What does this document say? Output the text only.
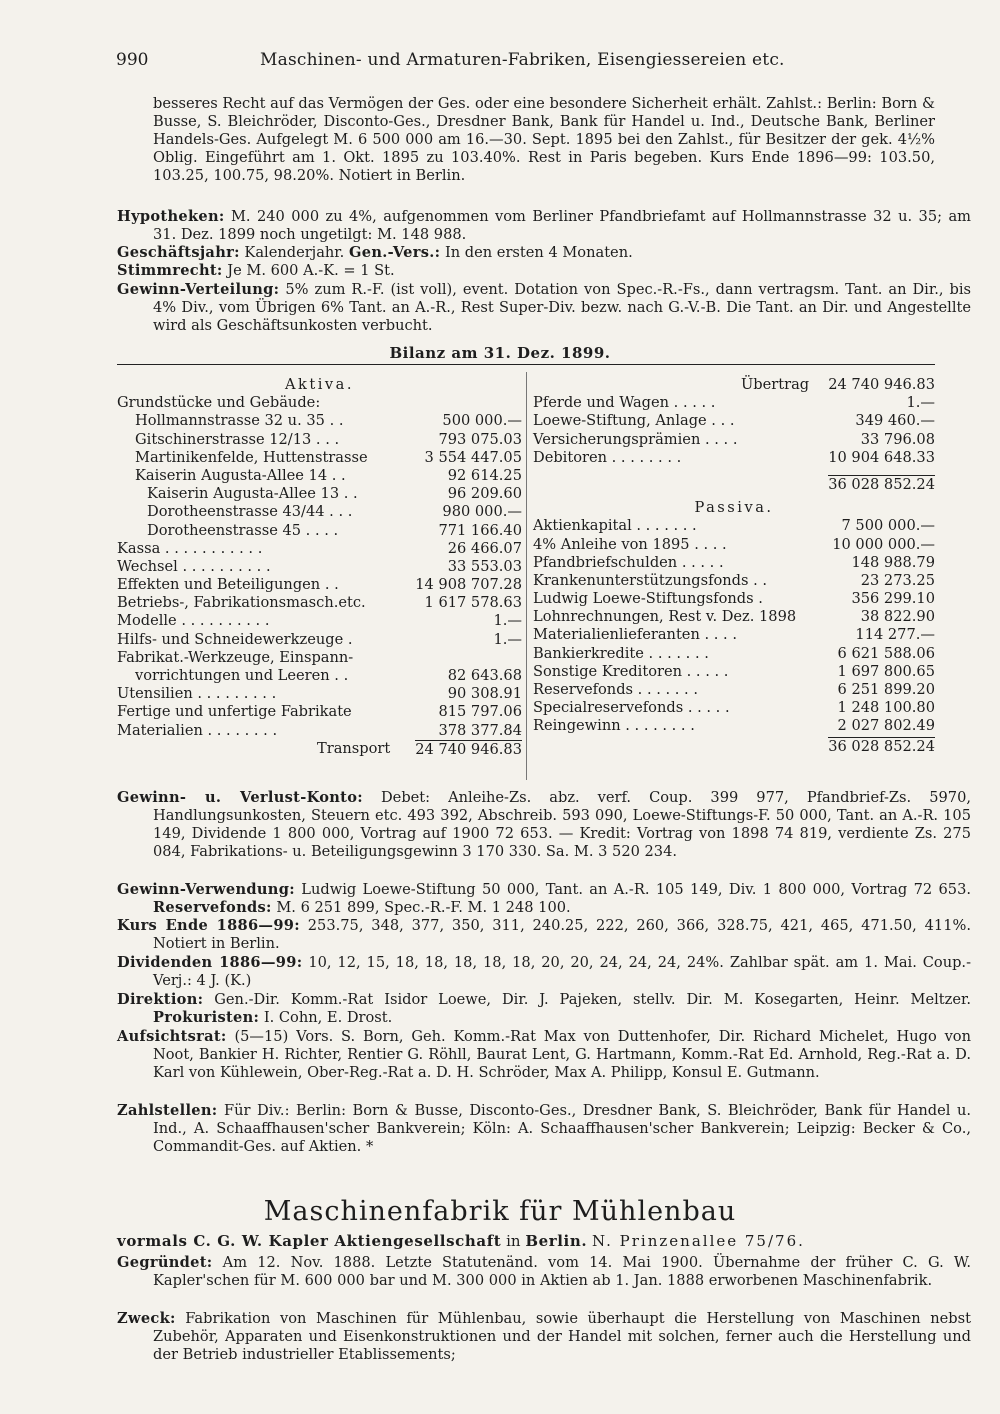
990	Maschinen- und Armaturen-Fabriken, Eisengiessereien etc.
besseres Recht auf das Vermögen der Ges. oder eine besondere Sicherheit erhält. Zahlst.: Berlin: Born & Busse, S. Bleichröder, Disconto-Ges., Dresdner Bank, Bank für Handel u. Ind., Deutsche Bank, Berliner Handels-Ges. Aufgelegt M. 6 500 000 am 16.—30. Sept. 1895 bei den Zahlst., für Besitzer der gek. 4½% Oblig. Eingeführt am 1. Okt. 1895 zu 103.40%. Rest in Paris begeben. Kurs Ende 1896—99: 103.50, 103.25, 100.75, 98.20%. Notiert in Berlin.
Hypotheken: M. 240 000 zu 4%, aufgenommen vom Berliner Pfandbriefamt auf Hollmannstrasse 32 u. 35; am 31. Dez. 1899 noch ungetilgt: M. 148 988.
Geschäftsjahr: Kalenderjahr. Gen.-Vers.: In den ersten 4 Monaten.
Stimmrecht: Je M. 600 A.-K. = 1 St.
Gewinn-Verteilung: 5% zum R.-F. (ist voll), event. Dotation von Spec.-R.-Fs., dann vertragsm. Tant. an Dir., bis 4% Div., vom Übrigen 6% Tant. an A.-R., Rest Super-Div. bezw. nach G.-V.-B. Die Tant. an Dir. und Angestellte wird als Geschäftsunkosten verbucht.
Bilanz am 31. Dez. 1899.
Aktiva.
Grundstücke und Gebäude:
Hollmannstrasse 32 u. 35 . .	500 000.—
Gitschinerstrasse 12/13 . . .	793 075.03
Martinikenfelde, Huttenstrasse	3 554 447.05
Kaiserin Augusta-Allee 14 . .	92 614.25
Kaiserin Augusta-Allee 13 . .	96 209.60
Dorotheenstrasse 43/44 . . .	980 000.—
Dorotheenstrasse 45 . . . .	771 166.40
Kassa . . . . . . . . . . .	26 466.07
Wechsel . . . . . . . . . .	33 553.03
Effekten und Beteiligungen . .	14 908 707.28
Betriebs-, Fabrikationsmasch.etc.	1 617 578.63
Modelle . . . . . . . . . .	1.—
Hilfs- und Schneidewerkzeuge .	1.—
Fabrikat.-Werkzeuge, Einspann-
vorrichtungen und Leeren . .	82 643.68
Utensilien . . . . . . . . .	90 308.91
Fertige und unfertige Fabrikate	815 797.06
Materialien . . . . . . . .	378 377.84
Transport 24 740 946.83
Übertrag 24 740 946.83
Pferde und Wagen . . . . .	1.—
Loewe-Stiftung, Anlage . . .	349 460.—
Versicherungsprämien . . . .	33 796.08
Debitoren . . . . . . . .	10 904 648.33
36 028 852.24
Passiva.
Aktienkapital . . . . . . .	7 500 000.—
4% Anleihe von 1895 . . . .	10 000 000.—
Pfandbriefschulden . . . . .	148 988.79
Krankenunterstützungsfonds . .	23 273.25
Ludwig Loewe-Stiftungsfonds .	356 299.10
Lohnrechnungen, Rest v. Dez. 1898	38 822.90
Materialienlieferanten . . . .	114 277.—
Bankierkredite . . . . . . .	6 621 588.06
Sonstige Kreditoren . . . . .	1 697 800.65
Reservefonds . . . . . . .	6 251 899.20
Specialreservefonds . . . . .	1 248 100.80
Reingewinn . . . . . . . .	2 027 802.49
36 028 852.24
Gewinn- u. Verlust-Konto: Debet: Anleihe-Zs. abz. verf. Coup. 399 977, Pfandbrief-Zs. 5970, Handlungsunkosten, Steuern etc. 493 392, Abschreib. 593 090, Loewe-Stiftungs-F. 50 000, Tant. an A.-R. 105 149, Dividende 1 800 000, Vortrag auf 1900 72 653. — Kredit: Vortrag von 1898 74 819, verdiente Zs. 275 084, Fabrikations- u. Beteiligungsgewinn 3 170 330. Sa. M. 3 520 234.
Gewinn-Verwendung: Ludwig Loewe-Stiftung 50 000, Tant. an A.-R. 105 149, Div. 1 800 000, Vortrag 72 653. Reservefonds: M. 6 251 899, Spec.-R.-F. M. 1 248 100.
Kurs Ende 1886—99: 253.75, 348, 377, 350, 311, 240.25, 222, 260, 366, 328.75, 421, 465, 471.50, 411%. Notiert in Berlin.
Dividenden 1886—99: 10, 12, 15, 18, 18, 18, 18, 18, 20, 20, 24, 24, 24, 24%. Zahlbar spät. am 1. Mai. Coup.-Verj.: 4 J. (K.)
Direktion: Gen.-Dir. Komm.-Rat Isidor Loewe, Dir. J. Pajeken, stellv. Dir. M. Kosegarten, Heinr. Meltzer. Prokuristen: I. Cohn, E. Drost.
Aufsichtsrat: (5—15) Vors. S. Born, Geh. Komm.-Rat Max von Duttenhofer, Dir. Richard Michelet, Hugo von Noot, Bankier H. Richter, Rentier G. Röhll, Baurat Lent, G. Hartmann, Komm.-Rat Ed. Arnhold, Reg.-Rat a. D. Karl von Kühlewein, Ober-Reg.-Rat a. D. H. Schröder, Max A. Philipp, Konsul E. Gutmann.
Zahlstellen: Für Div.: Berlin: Born & Busse, Disconto-Ges., Dresdner Bank, S. Bleichröder, Bank für Handel u. Ind., A. Schaaffhausen'scher Bankverein; Köln: A. Schaaffhausen'scher Bankverein; Leipzig: Becker & Co., Commandit-Ges. auf Aktien. *
Maschinenfabrik für Mühlenbau
vormals C. G. W. Kapler Aktiengesellschaft in Berlin. N. Prinzenallee 75/76.
Gegründet: Am 12. Nov. 1888. Letzte Statutenänd. vom 14. Mai 1900. Übernahme der früher C. G. W. Kapler'schen für M. 600 000 bar und M. 300 000 in Aktien ab 1. Jan. 1888 erworbenen Maschinenfabrik.
Zweck: Fabrikation von Maschinen für Mühlenbau, sowie überhaupt die Herstellung von Maschinen nebst Zubehör, Apparaten und Eisenkonstruktionen und der Handel mit solchen, ferner auch die Herstellung und der Betrieb industrieller Etablissements;
